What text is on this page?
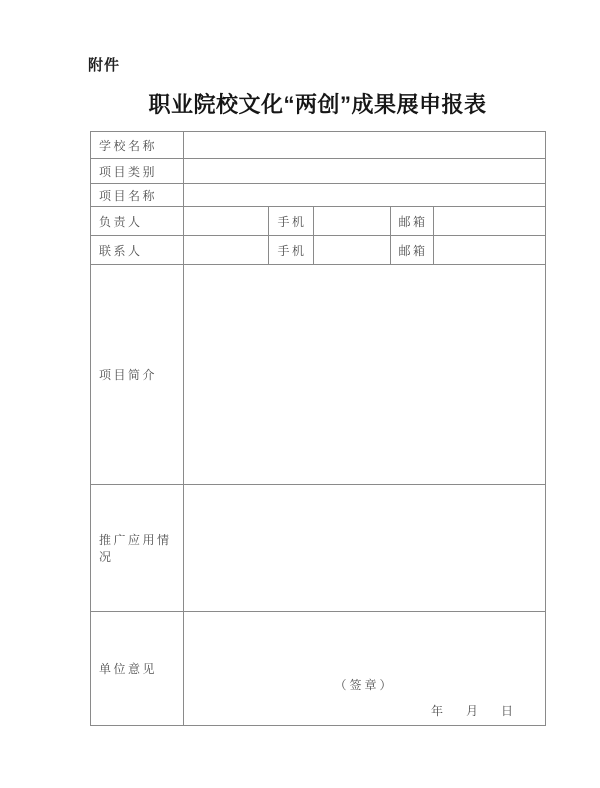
附件
职业院校文化“两创”成果展申报表
学校名称					
项目类别					
项目名称					
负责人		手机		邮箱	
联系人		手机		邮箱	
项目简介					
推广应用情况					
单位意见	（签章）
年 月 日				
